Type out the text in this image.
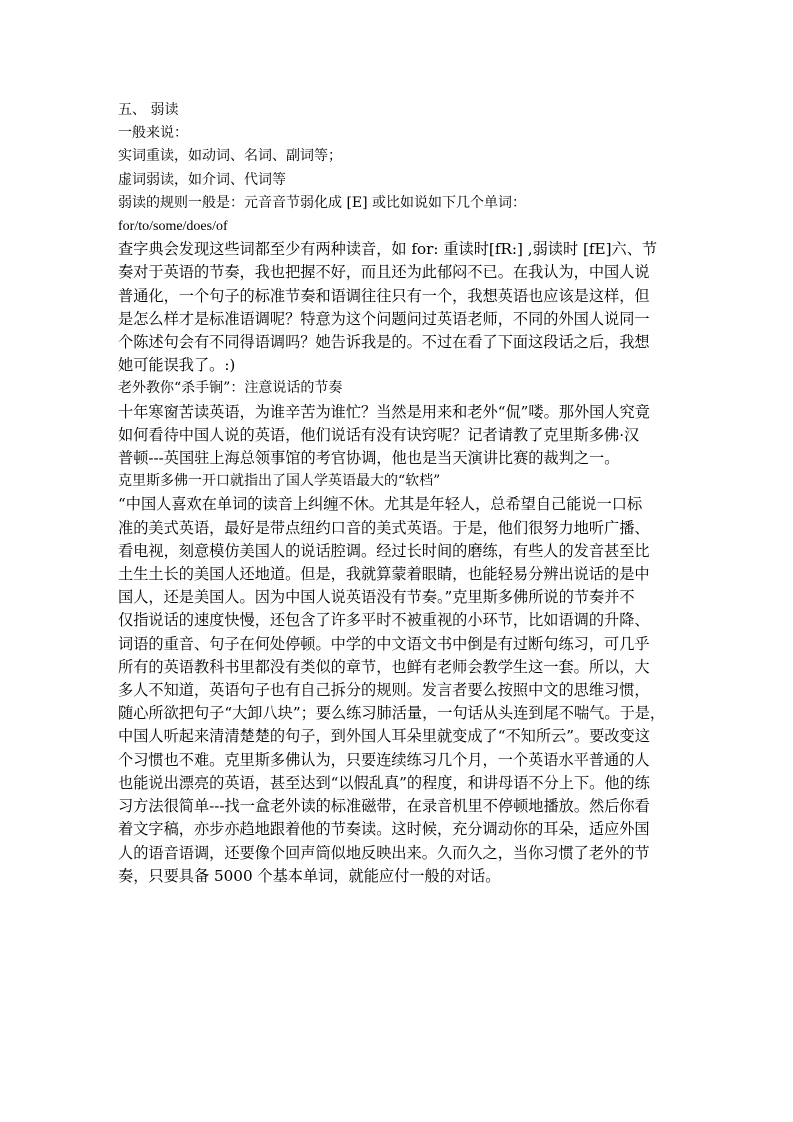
五、 弱读

一般来说：

实词重读，如动词、名词、副词等；

虚词弱读，如介词、代词等

弱读的规则一般是：元音音节弱化成 [E] 或比如说如下几个单词：

for/to/some/does/of

查字典会发现这些词都至少有两种读音，如 for: 重读时[fR:] ,弱读时 [fE]六、节

奏对于英语的节奏，我也把握不好，而且还为此郁闷不已。在我认为，中国人说

普通化，一个句子的标准节奏和语调往往只有一个，我想英语也应该是这样，但

是怎么样才是标准语调呢？特意为这个问题问过英语老师，不同的外国人说同一

个陈述句会有不同得语调吗？她告诉我是的。不过在看了下面这段话之后，我想

她可能误我了。:)

老外教你“杀手锏”：注意说话的节奏

十年寒窗苦读英语，为谁辛苦为谁忙？当然是用来和老外“侃”喽。那外国人究竟

如何看待中国人说的英语，他们说话有没有诀窍呢？记者请教了克里斯多佛·汉

普顿---英国驻上海总领事馆的考官协调，他也是当天演讲比赛的裁判之一。

克里斯多佛一开口就指出了国人学英语最大的“软档”

“中国人喜欢在单词的读音上纠缠不休。尤其是年轻人，总希望自己能说一口标

准的美式英语，最好是带点纽约口音的美式英语。于是，他们很努力地听广播、

看电视，刻意模仿美国人的说话腔调。经过长时间的磨练，有些人的发音甚至比

土生土长的美国人还地道。但是，我就算蒙着眼睛，也能轻易分辨出说话的是中

国人，还是美国人。因为中国人说英语没有节奏。”克里斯多佛所说的节奏并不

仅指说话的速度快慢，还包含了许多平时不被重视的小环节，比如语调的升降、

词语的重音、句子在何处停顿。中学的中文语文书中倒是有过断句练习，可几乎

所有的英语教科书里都没有类似的章节，也鲜有老师会教学生这一套。所以，大

多人不知道，英语句子也有自己拆分的规则。发言者要么按照中文的思维习惯，

随心所欲把句子“大卸八块”；要么练习肺活量，一句话从头连到尾不喘气。于是，

中国人听起来清清楚楚的句子，到外国人耳朵里就变成了“不知所云”。要改变这

个习惯也不难。克里斯多佛认为，只要连续练习几个月，一个英语水平普通的人

也能说出漂亮的英语，甚至达到“以假乱真”的程度，和讲母语不分上下。他的练

习方法很简单---找一盒老外读的标准磁带，在录音机里不停顿地播放。然后你看

着文字稿，亦步亦趋地跟着他的节奏读。这时候，充分调动你的耳朵，适应外国

人的语音语调，还要像个回声筒似地反映出来。久而久之，当你习惯了老外的节

奏，只要具备 5000 个基本单词，就能应付一般的对话。
